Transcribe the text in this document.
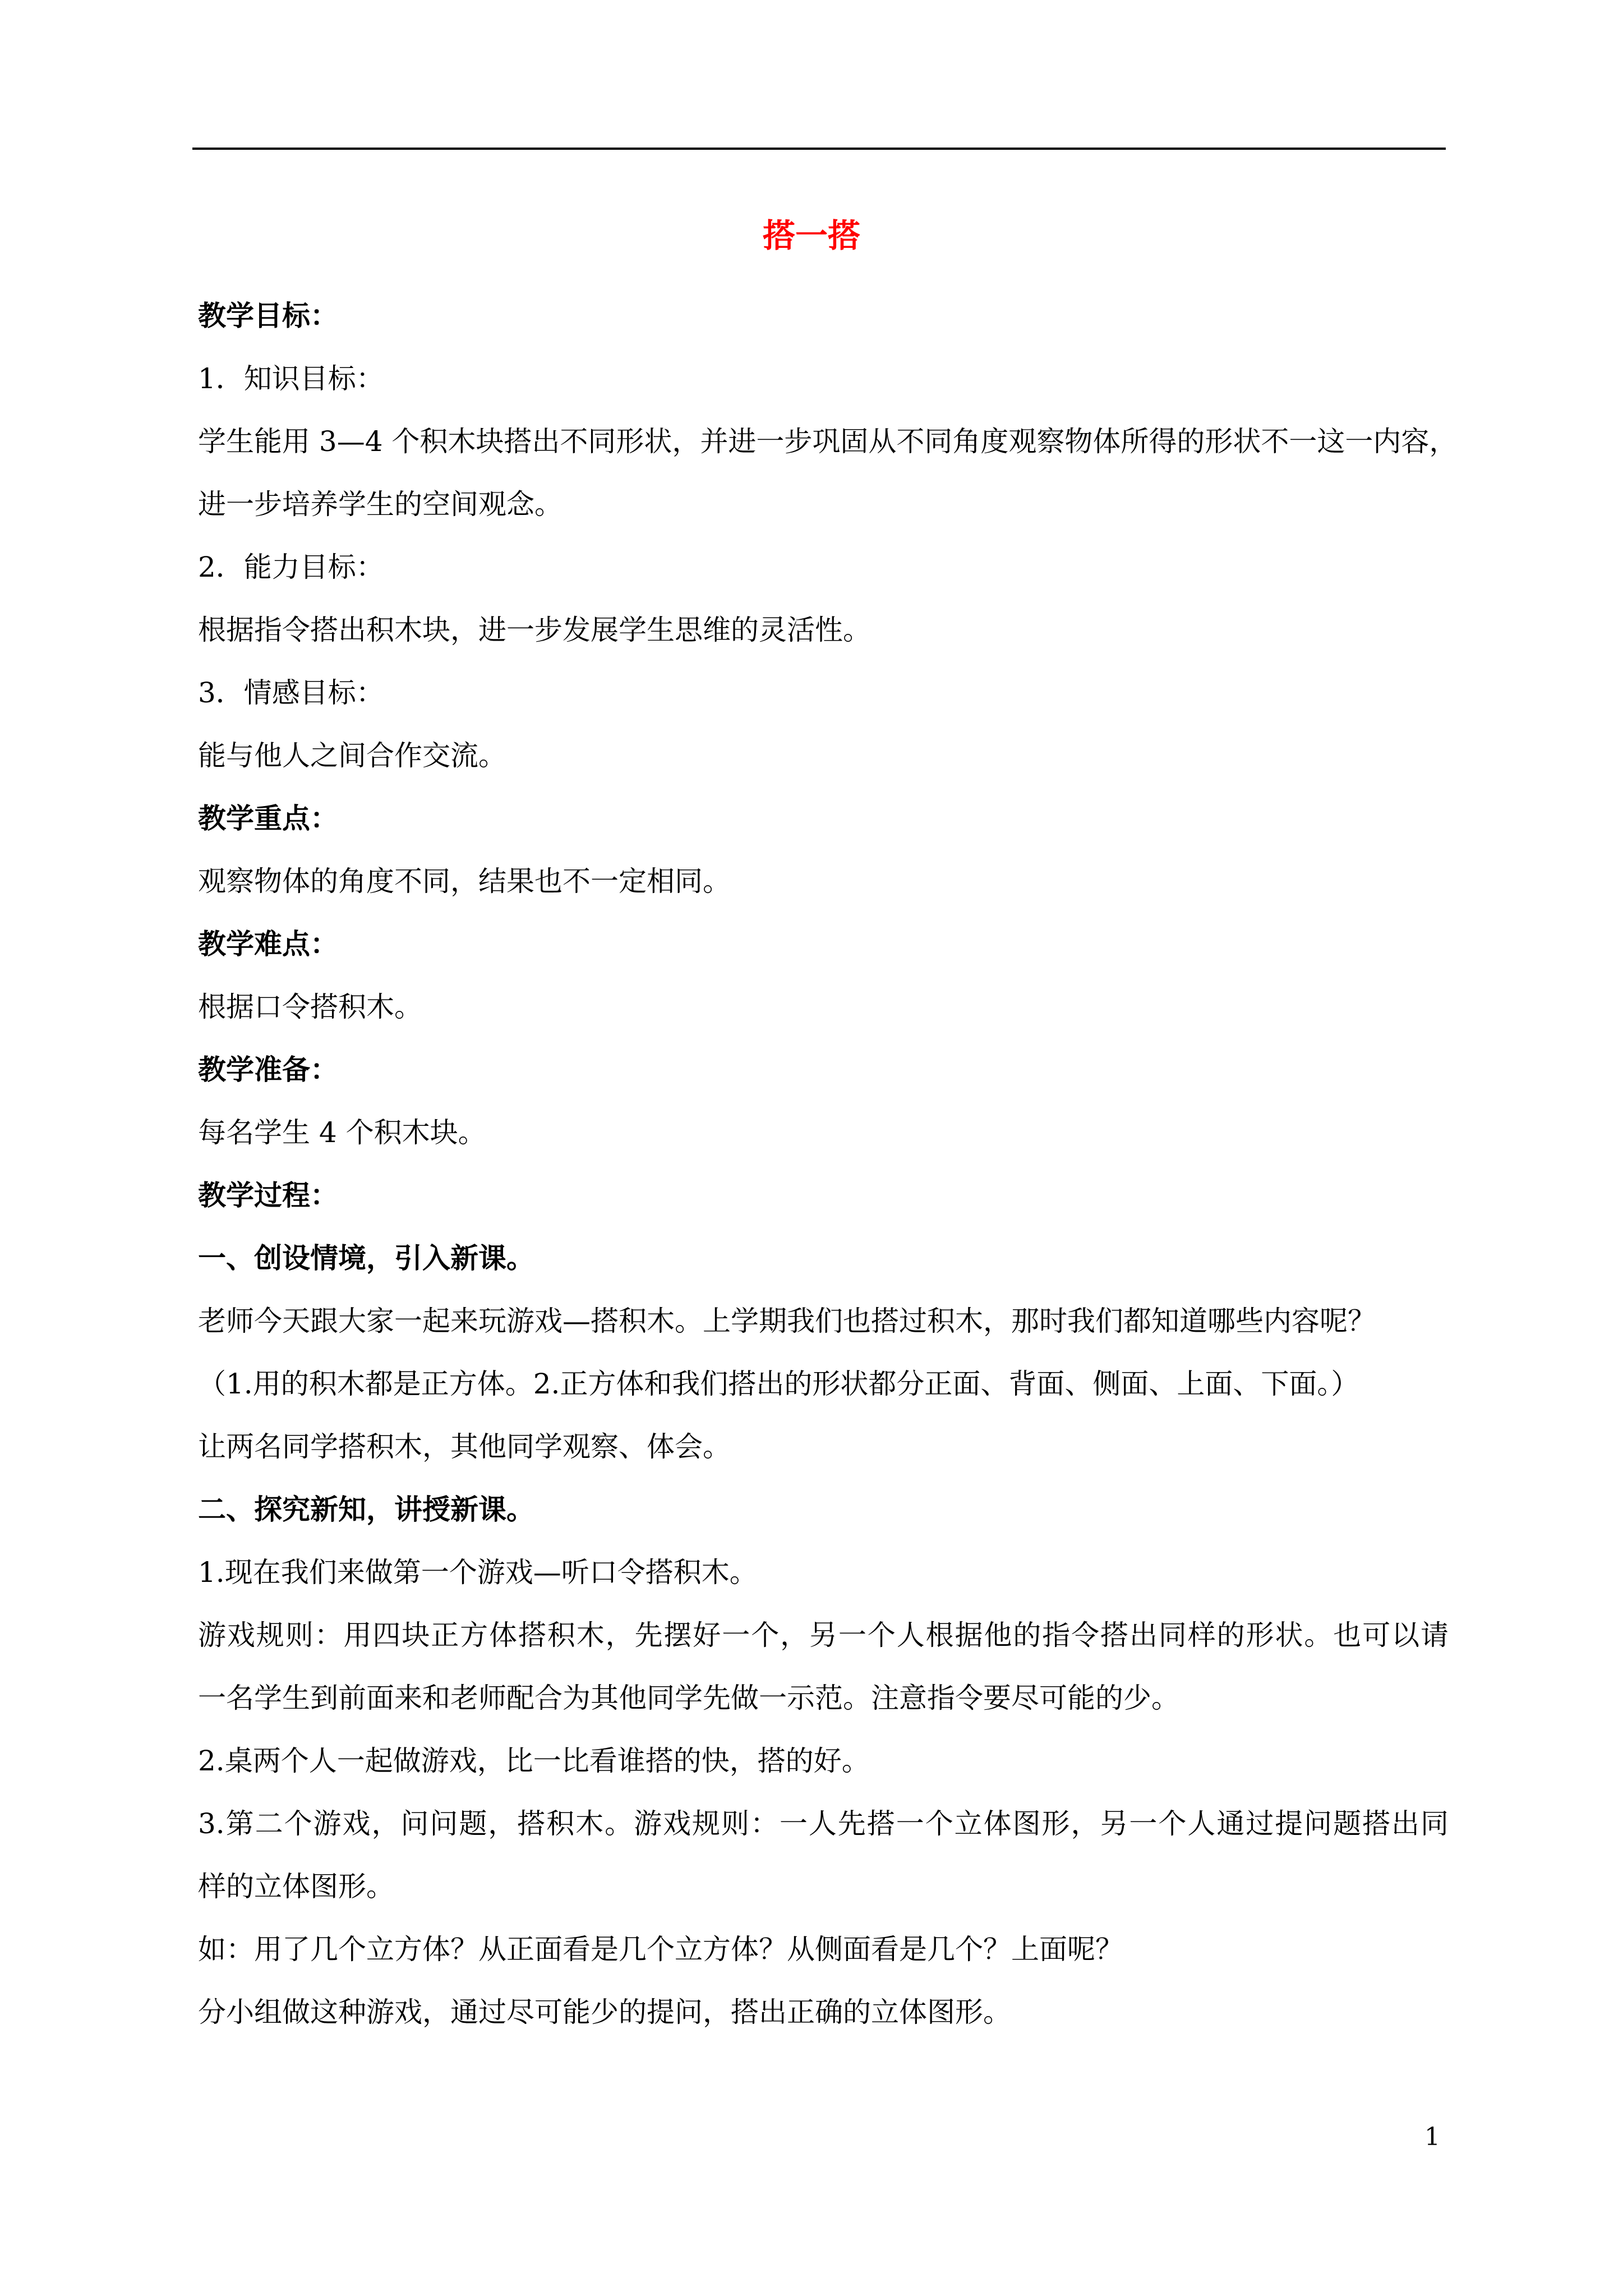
搭一搭
教学目标：
1．知识目标：
学生能用 3—4 个积木块搭出不同形状，并进一步巩固从不同角度观察物体所得的形状不一这一内容，
进一步培养学生的空间观念。
2．能力目标：
根据指令搭出积木块，进一步发展学生思维的灵活性。
3．情感目标：
能与他人之间合作交流。
教学重点：
观察物体的角度不同，结果也不一定相同。
教学难点：
根据口令搭积木。
教学准备：
每名学生 4 个积木块。
教学过程：
一、创设情境，引入新课。
老师今天跟大家一起来玩游戏—搭积木。上学期我们也搭过积木，那时我们都知道哪些内容呢？
（1.用的积木都是正方体。2.正方体和我们搭出的形状都分正面、背面、侧面、上面、下面。）
让两名同学搭积木，其他同学观察、体会。
二、探究新知，讲授新课。
1.现在我们来做第一个游戏—听口令搭积木。
游戏规则：用四块正方体搭积木，先摆好一个，另一个人根据他的指令搭出同样的形状。也可以请
一名学生到前面来和老师配合为其他同学先做一示范。注意指令要尽可能的少。
2.桌两个人一起做游戏，比一比看谁搭的快，搭的好。
3.第二个游戏，问问题，搭积木。游戏规则：一人先搭一个立体图形，另一个人通过提问题搭出同
样的立体图形。
如：用了几个立方体？从正面看是几个立方体？从侧面看是几个？上面呢？
分小组做这种游戏，通过尽可能少的提问，搭出正确的立体图形。
1
